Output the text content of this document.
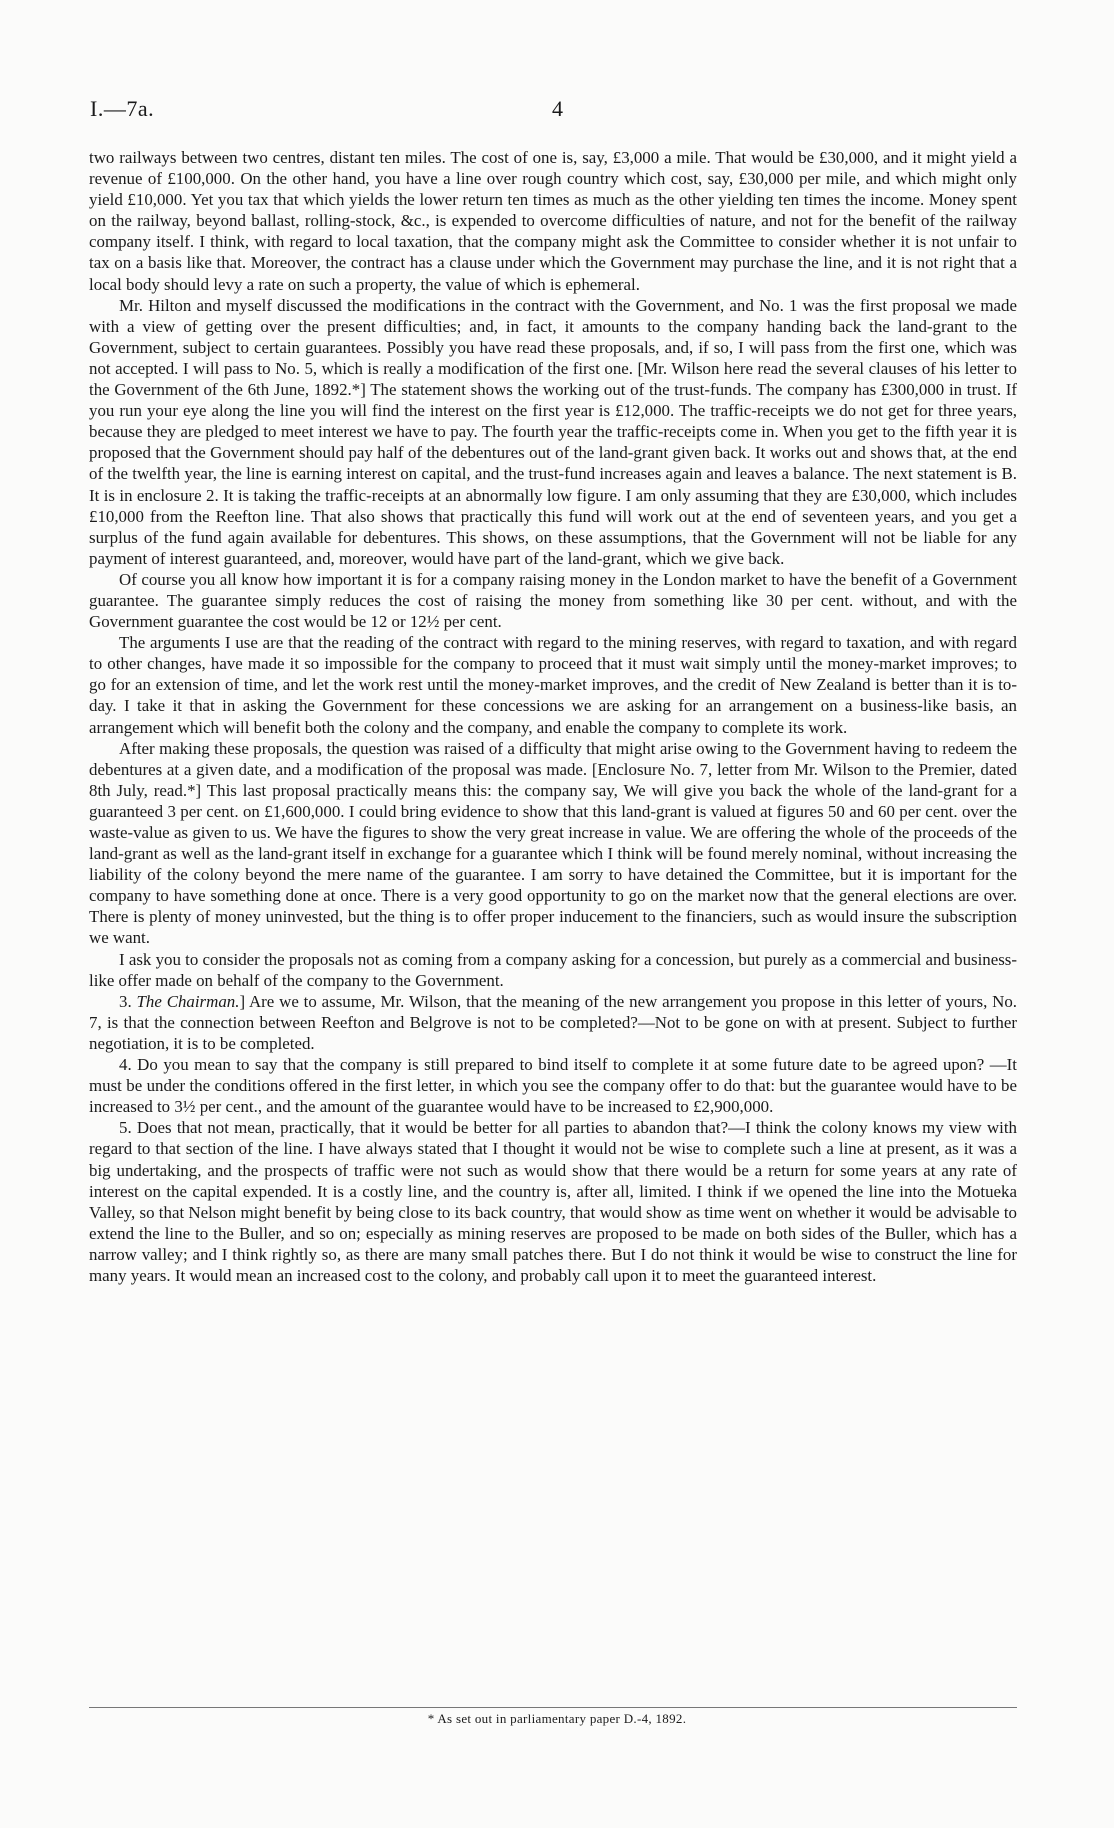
I.—7a.	4

two railways between two centres, distant ten miles. The cost of one is, say, £3,000 a mile. That would be £30,000, and it might yield a revenue of £100,000. On the other hand, you have a line over rough country which cost, say, £30,000 per mile, and which might only yield £10,000. Yet you tax that which yields the lower return ten times as much as the other yielding ten times the income. Money spent on the railway, beyond ballast, rolling-stock, &c., is expended to overcome difficulties of nature, and not for the benefit of the railway company itself. I think, with regard to local taxation, that the company might ask the Committee to consider whether it is not unfair to tax on a basis like that. Moreover, the contract has a clause under which the Government may purchase the line, and it is not right that a local body should levy a rate on such a property, the value of which is ephemeral.

Mr. Hilton and myself discussed the modifications in the contract with the Government, and No. 1 was the first proposal we made with a view of getting over the present difficulties; and, in fact, it amounts to the company handing back the land-grant to the Government, subject to certain guarantees. Possibly you have read these proposals, and, if so, I will pass from the first one, which was not accepted. I will pass to No. 5, which is really a modification of the first one. [Mr. Wilson here read the several clauses of his letter to the Government of the 6th June, 1892.*] The statement shows the working out of the trust-funds. The company has £300,000 in trust. If you run your eye along the line you will find the interest on the first year is £12,000. The traffic-receipts we do not get for three years, because they are pledged to meet interest we have to pay. The fourth year the traffic-receipts come in. When you get to the fifth year it is proposed that the Government should pay half of the debentures out of the land-grant given back. It works out and shows that, at the end of the twelfth year, the line is earning interest on capital, and the trust-fund increases again and leaves a balance. The next statement is B. It is in enclosure 2. It is taking the traffic-receipts at an abnormally low figure. I am only assuming that they are £30,000, which includes £10,000 from the Reefton line. That also shows that practically this fund will work out at the end of seventeen years, and you get a surplus of the fund again available for debentures. This shows, on these assumptions, that the Government will not be liable for any payment of interest guaranteed, and, moreover, would have part of the land-grant, which we give back.

Of course you all know how important it is for a company raising money in the London market to have the benefit of a Government guarantee. The guarantee simply reduces the cost of raising the money from something like 30 per cent. without, and with the Government guarantee the cost would be 12 or 12½ per cent.

The arguments I use are that the reading of the contract with regard to the mining reserves, with regard to taxation, and with regard to other changes, have made it so impossible for the company to proceed that it must wait simply until the money-market improves; to go for an extension of time, and let the work rest until the money-market improves, and the credit of New Zealand is better than it is to-day. I take it that in asking the Government for these concessions we are asking for an arrangement on a business-like basis, an arrangement which will benefit both the colony and the company, and enable the company to complete its work.

After making these proposals, the question was raised of a difficulty that might arise owing to the Government having to redeem the debentures at a given date, and a modification of the proposal was made. [Enclosure No. 7, letter from Mr. Wilson to the Premier, dated 8th July, read.*] This last proposal practically means this: the company say, We will give you back the whole of the land-grant for a guaranteed 3 per cent. on £1,600,000. I could bring evidence to show that this land-grant is valued at figures 50 and 60 per cent. over the waste-value as given to us. We have the figures to show the very great increase in value. We are offering the whole of the proceeds of the land-grant as well as the land-grant itself in exchange for a guarantee which I think will be found merely nominal, without increasing the liability of the colony beyond the mere name of the guarantee. I am sorry to have detained the Committee, but it is important for the company to have something done at once. There is a very good opportunity to go on the market now that the general elections are over. There is plenty of money uninvested, but the thing is to offer proper inducement to the financiers, such as would insure the subscription we want.

I ask you to consider the proposals not as coming from a company asking for a concession, but purely as a commercial and business-like offer made on behalf of the company to the Government.

3. The Chairman.] Are we to assume, Mr. Wilson, that the meaning of the new arrangement you propose in this letter of yours, No. 7, is that the connection between Reefton and Belgrove is not to be completed?—Not to be gone on with at present. Subject to further negotiation, it is to be completed.

4. Do you mean to say that the company is still prepared to bind itself to complete it at some future date to be agreed upon? —It must be under the conditions offered in the first letter, in which you see the company offer to do that: but the guarantee would have to be increased to 3½ per cent., and the amount of the guarantee would have to be increased to £2,900,000.

5. Does that not mean, practically, that it would be better for all parties to abandon that?—I think the colony knows my view with regard to that section of the line. I have always stated that I thought it would not be wise to complete such a line at present, as it was a big undertaking, and the prospects of traffic were not such as would show that there would be a return for some years at any rate of interest on the capital expended. It is a costly line, and the country is, after all, limited. I think if we opened the line into the Motueka Valley, so that Nelson might benefit by being close to its back country, that would show as time went on whether it would be advisable to extend the line to the Buller, and so on; especially as mining reserves are proposed to be made on both sides of the Buller, which has a narrow valley; and I think rightly so, as there are many small patches there. But I do not think it would be wise to construct the line for many years. It would mean an increased cost to the colony, and probably call upon it to meet the guaranteed interest.

* As set out in parliamentary paper D.-4, 1892.
